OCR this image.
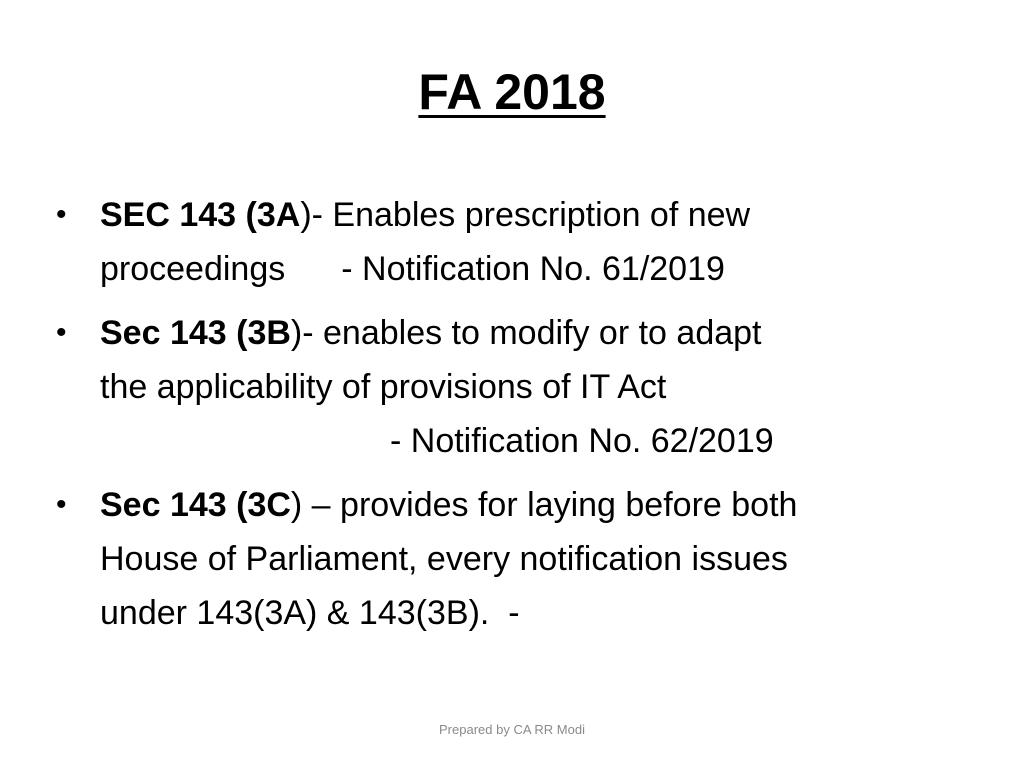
FA 2018
• SEC 143 (3A)- Enables prescription of new
proceedings - Notification No. 61/2019
• Sec 143 (3B)- enables to modify or to adapt
the applicability of provisions of IT Act
- Notification No. 62/2019
• Sec 143 (3C) – provides for laying before both
House of Parliament, every notification issues
under 143(3A) & 143(3B).  -
Prepared by CA RR Modi
